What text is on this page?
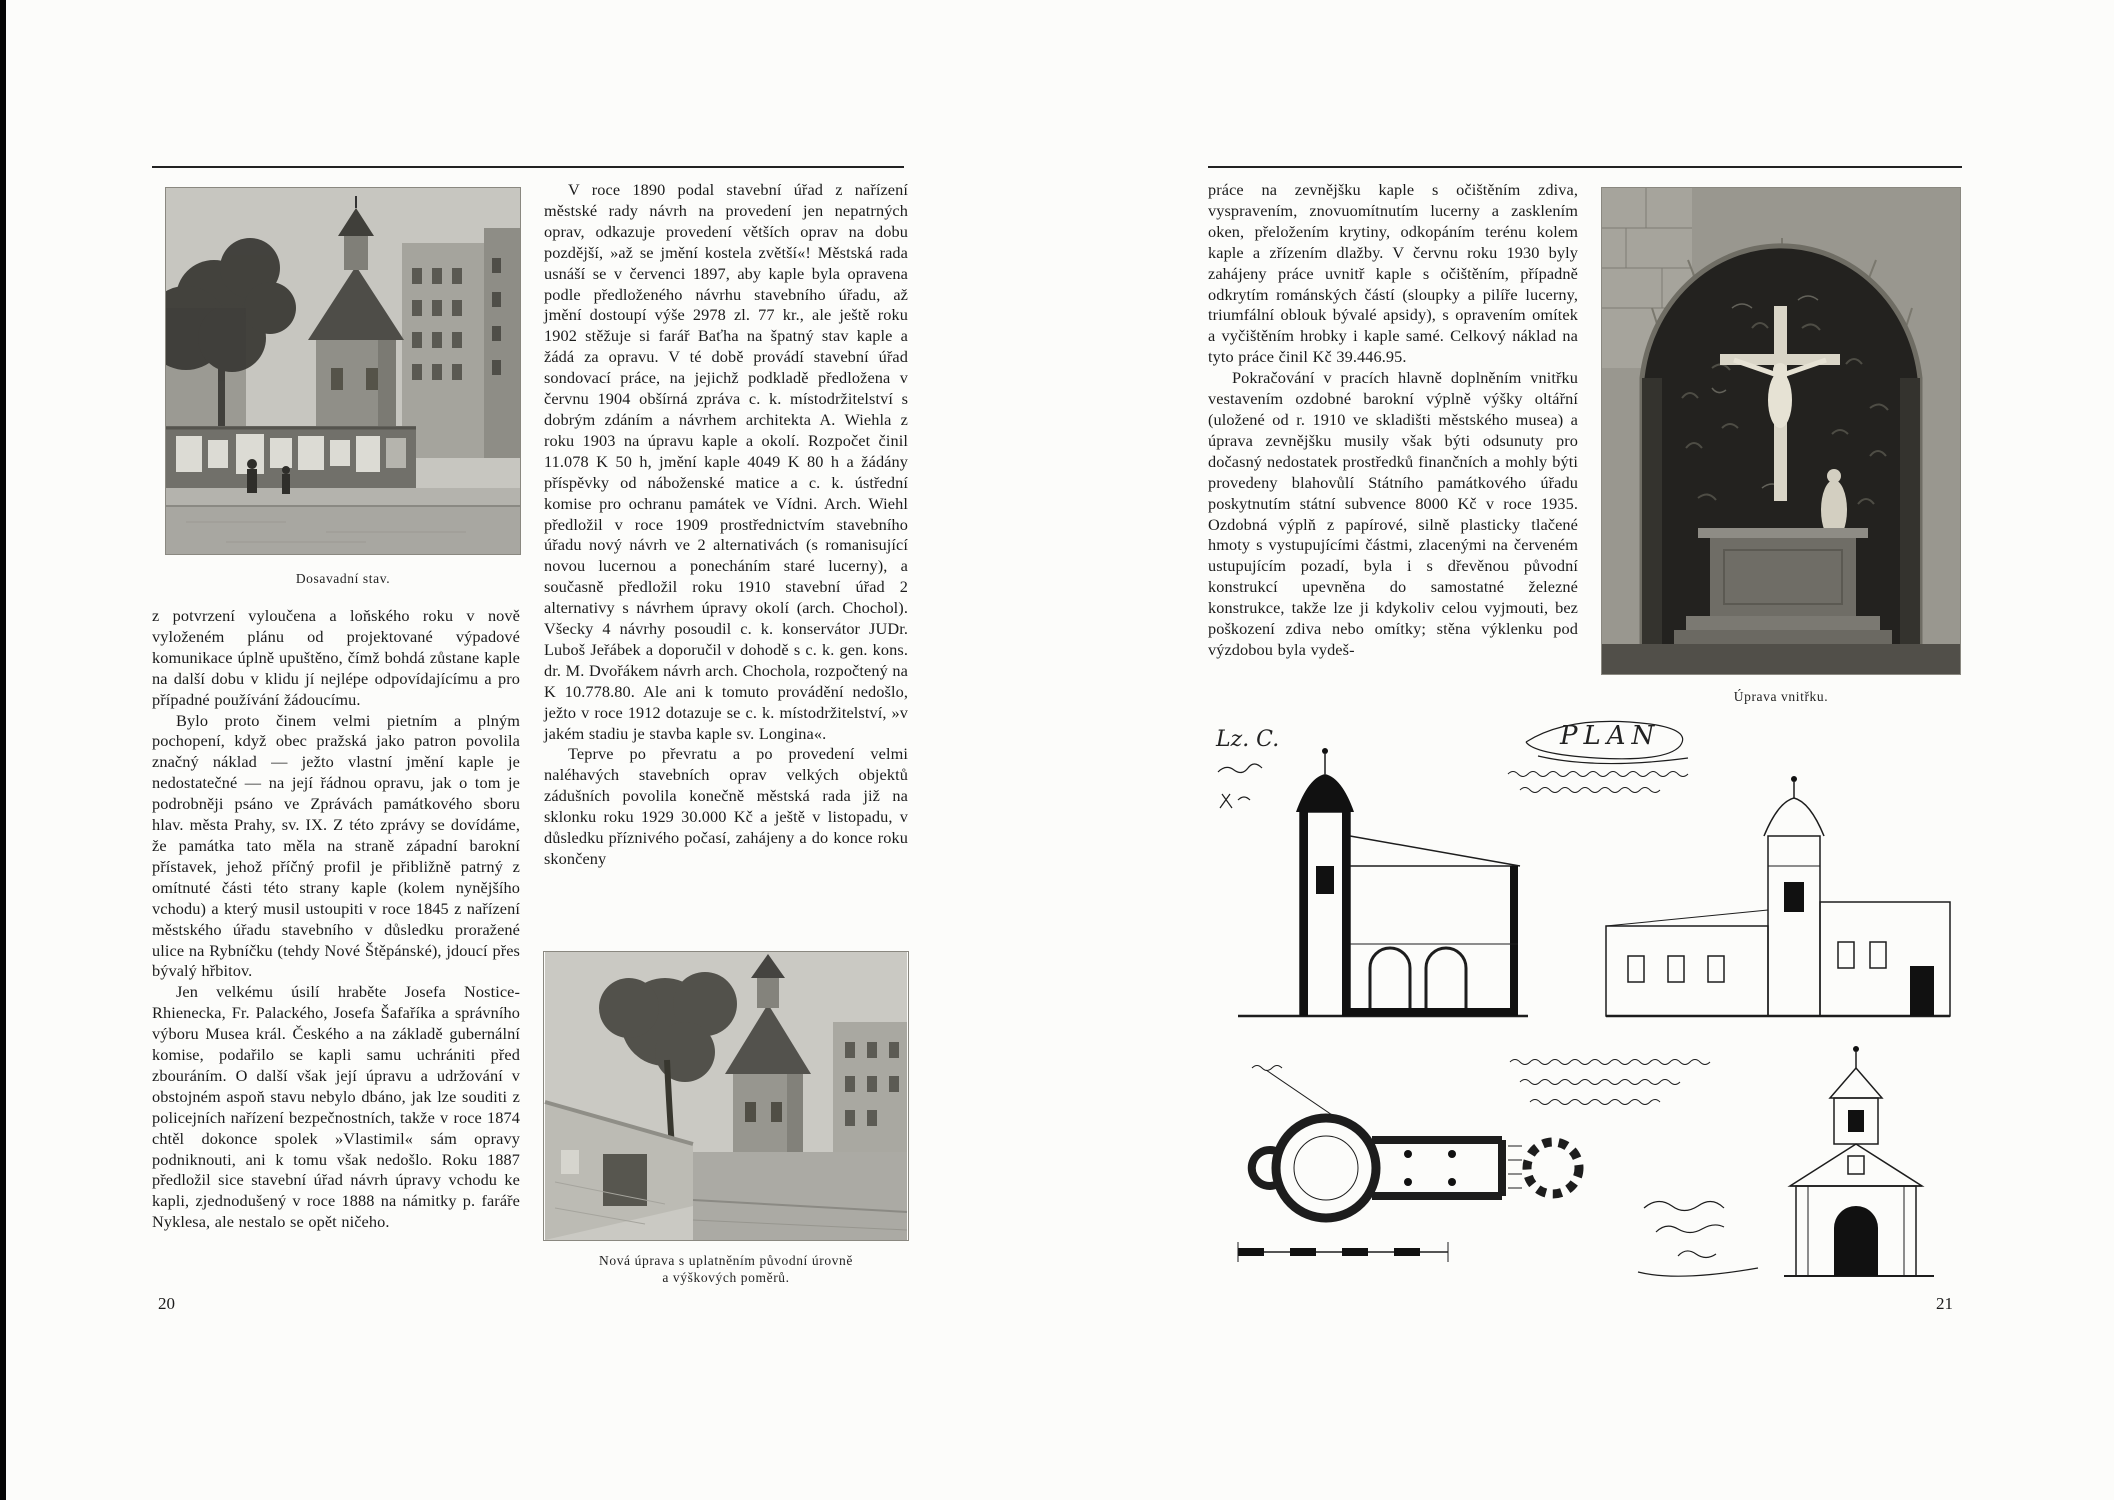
Dosavadní stav.

z potvrzení vyloučena a loňského roku v nově vyloženém plánu od projektované výpadové komunikace úplně upuštěno, čímž bohdá zůstane kaple na další dobu v klidu jí nejlépe odpovídajícímu a pro případné používání žádoucímu.

Bylo proto činem velmi pietním a plným pochopení, když obec pražská jako patron povolila značný náklad — ježto vlastní jmění kaple je nedostatečné — na její řádnou opravu, jak o tom je podrobněji psáno ve Zprávách památkového sboru hlav. města Prahy, sv. IX. Z této zprávy se dovídáme, že památka tato měla na straně západní barokní přístavek, jehož příčný profil je přibližně patrný z omítnuté části této strany kaple (kolem nynějšího vchodu) a který musil ustoupiti v roce 1845 z nařízení městského úřadu stavebního v důsledku proražené ulice na Rybníčku (tehdy Nové Štěpánské), jdoucí přes bývalý hřbitov.

Jen velkému úsilí hraběte Josefa Nostice-Rhienecka, Fr. Palackého, Josefa Šafaříka a správního výboru Musea král. Českého a na základě gubernální komise, podařilo se kapli samu uchrániti před zbouráním. O další však její úpravu a udržování v obstojném aspoň stavu nebylo dbáno, jak lze souditi z policejních nařízení bezpečnostních, takže v roce 1874 chtěl dokonce spolek »Vlastimil« sám opravy podniknouti, ani k tomu však nedošlo. Roku 1887 předložil sice stavební úřad návrh úpravy vchodu ke kapli, zjednodušený v roce 1888 na námitky p. faráře Nyklesa, ale nestalo se opět ničeho.

V roce 1890 podal stavební úřad z nařízení městské rady návrh na provedení jen nepatrných oprav, odkazuje provedení větších oprav na dobu pozdější, »až se jmění kostela zvětší«! Městská rada usnáší se v červenci 1897, aby kaple byla opravena podle předloženého návrhu stavebního úřadu, až jmění dostoupí výše 2978 zl. 77 kr., ale ještě roku 1902 stěžuje si farář Baťha na špatný stav kaple a žádá za opravu. V té době provádí stavební úřad sondovací práce, na jejichž podkladě předložena v červnu 1904 obšírná zpráva c. k. místodržitelství s dobrým zdáním a návrhem architekta A. Wiehla z roku 1903 na úpravu kaple a okolí. Rozpočet činil 11.078 K 50 h, jmění kaple 4049 K 80 h a žádány příspěvky od náboženské matice a c. k. ústřední komise pro ochranu památek ve Vídni. Arch. Wiehl předložil v roce 1909 prostřednictvím stavebního úřadu nový návrh ve 2 alternativách (s romanisující novou lucernou a ponecháním staré lucerny), a současně předložil roku 1910 stavební úřad 2 alternativy s návrhem úpravy okolí (arch. Chochol). Všecky 4 návrhy posoudil c. k. konservátor JUDr. Luboš Jeřábek a doporučil v dohodě s c. k. gen. kons. dr. M. Dvořákem návrh arch. Chochola, rozpočtený na K 10.778.80. Ale ani k tomuto provádění nedošlo, ježto v roce 1912 dotazuje se c. k. místodržitelství, »v jakém stadiu je stavba kaple sv. Longina«.

Teprve po převratu a po provedení velmi naléhavých stavebních oprav velkých objektů zádušních povolila konečně městská rada již na sklonku roku 1929 30.000 Kč a ještě v listopadu, v důsledku příznivého počasí, zahájeny a do konce roku skončeny

Nová úprava s uplatněním původní úrovně
a výškových poměrů.
20

práce na zevnějšku kaple s očištěním zdiva, vyspravením, znovuomítnutím lucerny a zasklením oken, přeložením krytiny, odkopáním terénu kolem kaple a zřízením dlažby. V červnu roku 1930 byly zahájeny práce uvnitř kaple s očištěním, případně odkrytím románských částí (sloupky a pilíře lucerny, triumfální oblouk bývalé apsidy), s opravením omítek a vyčištěním hrobky i kaple samé. Celkový náklad na tyto práce činil Kč 39.446.95.

Pokračování v pracích hlavně doplněním vnitřku vestavením ozdobné barokní výplně výšky oltářní (uložené od r. 1910 ve skladišti městského musea) a úprava zevnějšku musily však býti odsunuty pro dočasný nedostatek prostředků finančních a mohly býti provedeny blahovůlí Státního památkového úřadu poskytnutím státní subvence 8000 Kč v roce 1935. Ozdobná výplň z papírové, silně plasticky tlačené hmoty s vystupujícími částmi, zlacenými na červeném ustupujícím pozadí, byla i s dřevěnou původní konstrukcí upevněna do samostatné železné konstrukce, takže lze ji kdykoliv celou vyjmouti, bez poškození zdiva nebo omítky; stěna výklenku pod výzdobou byla vydeš-

Úprava vnitřku.
Lz. C.	PLAN
21
